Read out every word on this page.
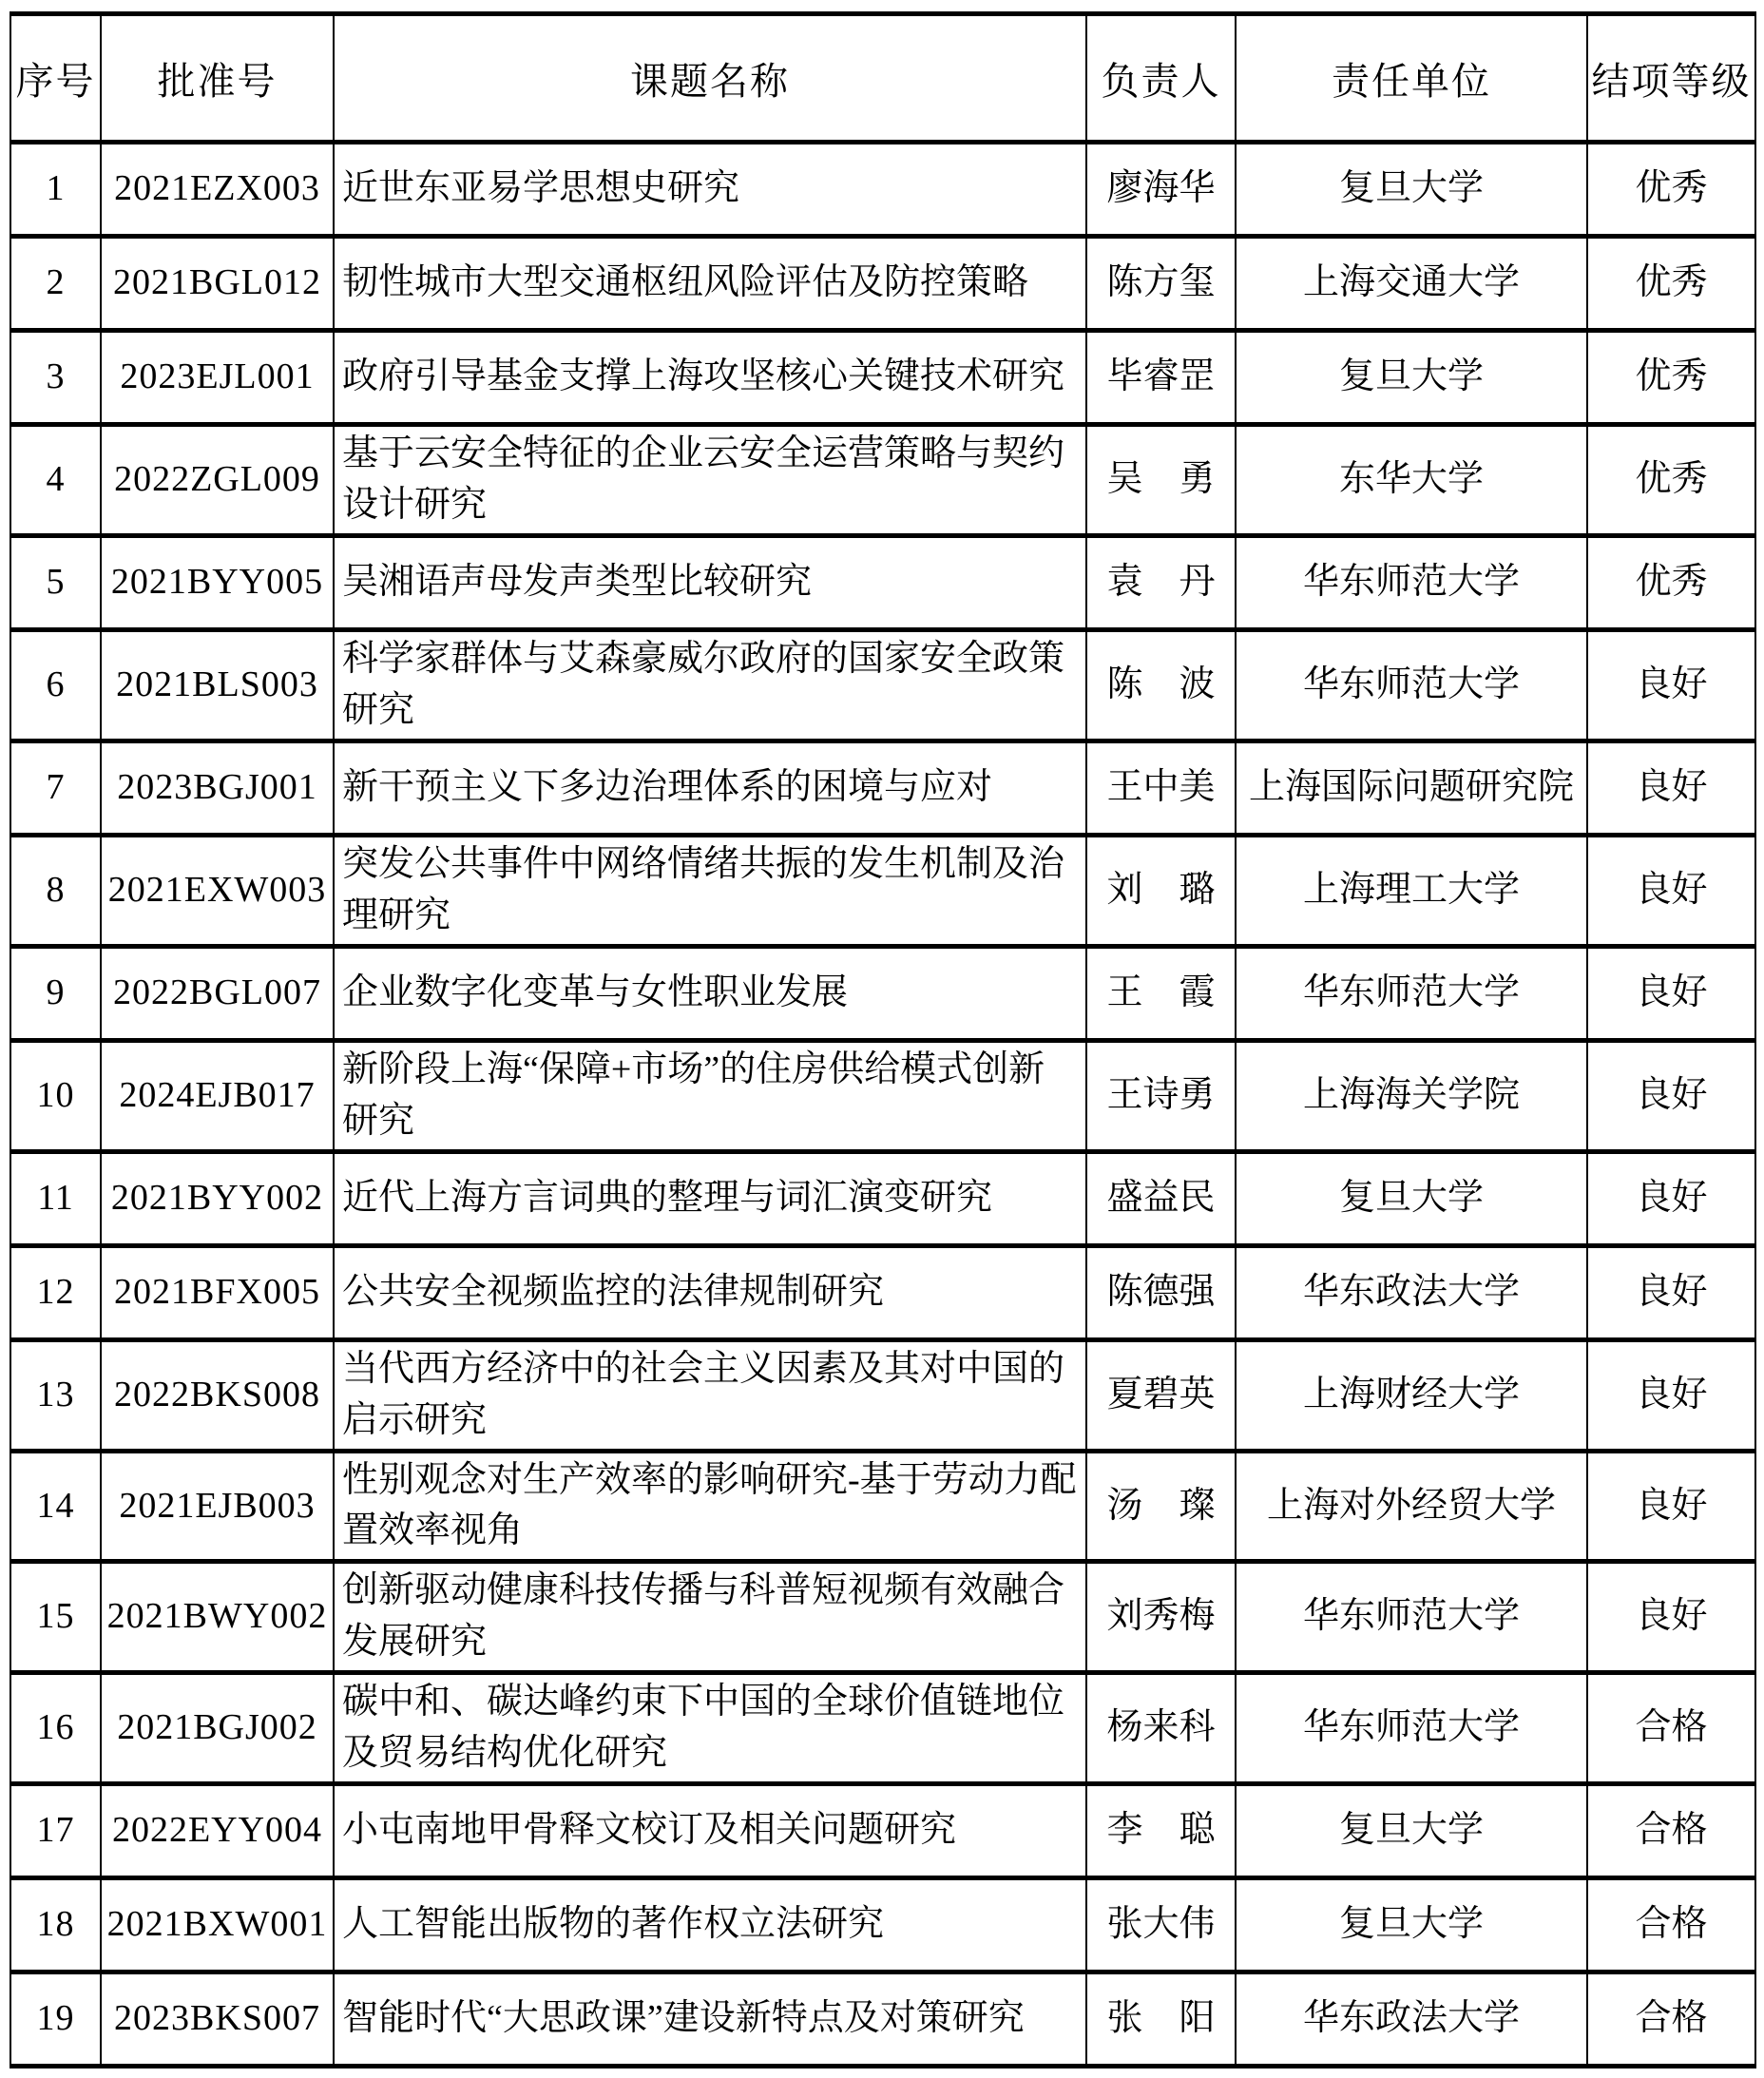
序号	批准号	课题名称	负责人	责任单位	结项等级
1	2021EZX003	近世东亚易学思想史研究	廖海华	复旦大学	优秀
2	2021BGL012	韧性城市大型交通枢纽风险评估及防控策略	陈方玺	上海交通大学	优秀
3	2023EJL001	政府引导基金支撑上海攻坚核心关键技术研究	毕睿罡	复旦大学	优秀
4	2022ZGL009	基于云安全特征的企业云安全运营策略与契约设计研究	吴　勇	东华大学	优秀
5	2021BYY005	吴湘语声母发声类型比较研究	袁　丹	华东师范大学	优秀
6	2021BLS003	科学家群体与艾森豪威尔政府的国家安全政策研究	陈　波	华东师范大学	良好
7	2023BGJ001	新干预主义下多边治理体系的困境与应对	王中美	上海国际问题研究院	良好
8	2021EXW003	突发公共事件中网络情绪共振的发生机制及治理研究	刘　璐	上海理工大学	良好
9	2022BGL007	企业数字化变革与女性职业发展	王　霞	华东师范大学	良好
10	2024EJB017	新阶段上海“保障+市场”的住房供给模式创新研究	王诗勇	上海海关学院	良好
11	2021BYY002	近代上海方言词典的整理与词汇演变研究	盛益民	复旦大学	良好
12	2021BFX005	公共安全视频监控的法律规制研究	陈德强	华东政法大学	良好
13	2022BKS008	当代西方经济中的社会主义因素及其对中国的启示研究	夏碧英	上海财经大学	良好
14	2021EJB003	性别观念对生产效率的影响研究-基于劳动力配置效率视角	汤　璨	上海对外经贸大学	良好
15	2021BWY002	创新驱动健康科技传播与科普短视频有效融合发展研究	刘秀梅	华东师范大学	良好
16	2021BGJ002	碳中和、碳达峰约束下中国的全球价值链地位及贸易结构优化研究	杨来科	华东师范大学	合格
17	2022EYY004	小屯南地甲骨释文校订及相关问题研究	李　聪	复旦大学	合格
18	2021BXW001	人工智能出版物的著作权立法研究	张大伟	复旦大学	合格
19	2023BKS007	智能时代“大思政课”建设新特点及对策研究	张　阳	华东政法大学	合格
